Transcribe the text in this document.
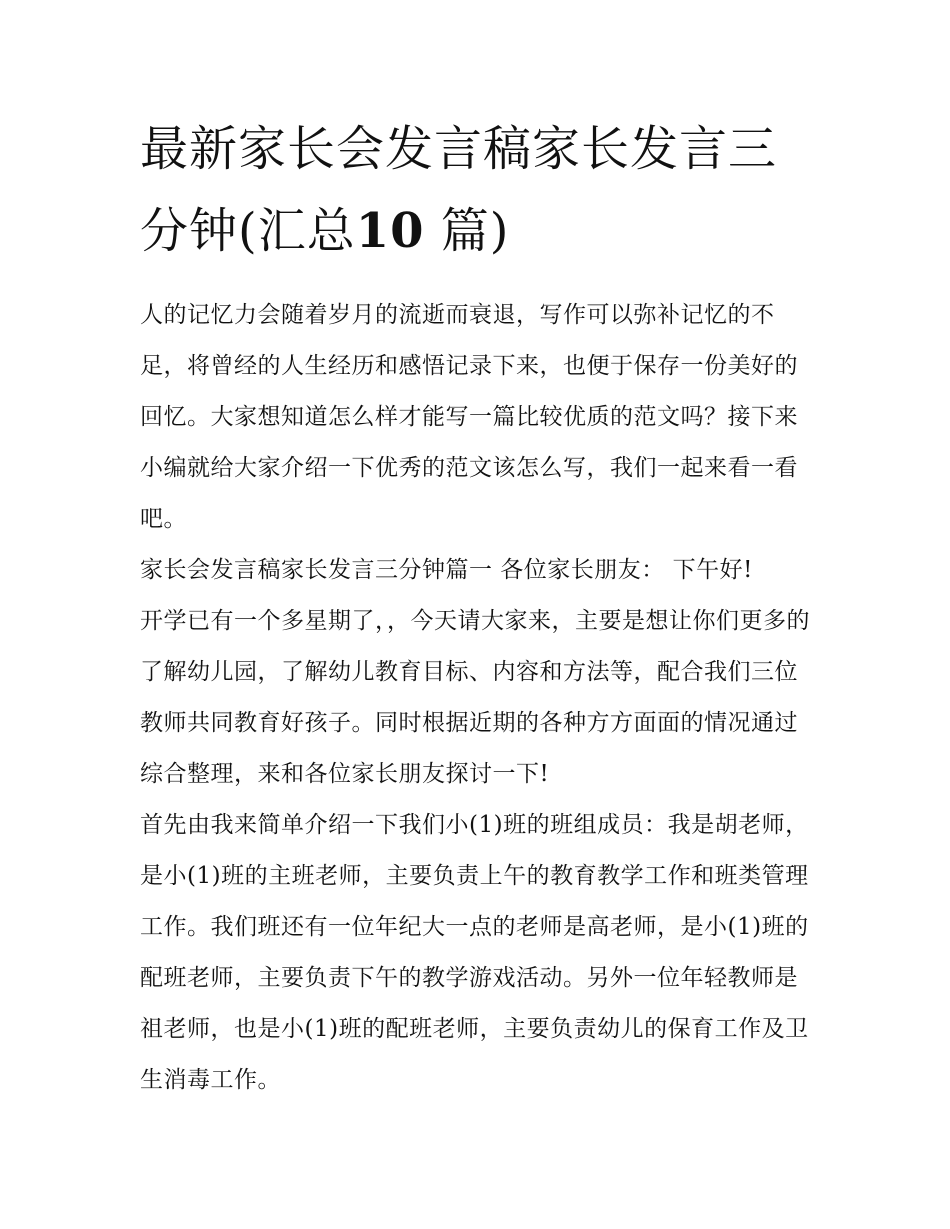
最新家长会发言稿家长发言三分钟(汇总10 篇)

人的记忆力会随着岁月的流逝而衰退，写作可以弥补记忆的不足，将曾经的人生经历和感悟记录下来，也便于保存一份美好的回忆。大家想知道怎么样才能写一篇比较优质的范文吗？接下来小编就给大家介绍一下优秀的范文该怎么写，我们一起来看一看吧。

家长会发言稿家长发言三分钟篇一 各位家长朋友： 下午好!

开学已有一个多星期了，，今天请大家来，主要是想让你们更多的了解幼儿园，了解幼儿教育目标、内容和方法等，配合我们三位教师共同教育好孩子。同时根据近期的各种方方面面的情况通过综合整理，来和各位家长朋友探讨一下!

首先由我来简单介绍一下我们小(1)班的班组成员：我是胡老师，是小(1)班的主班老师，主要负责上午的教育教学工作和班类管理工作。我们班还有一位年纪大一点的老师是高老师，是小(1)班的配班老师，主要负责下午的教学游戏活动。另外一位年轻教师是祖老师，也是小(1)班的配班老师，主要负责幼儿的保育工作及卫生消毒工作。
